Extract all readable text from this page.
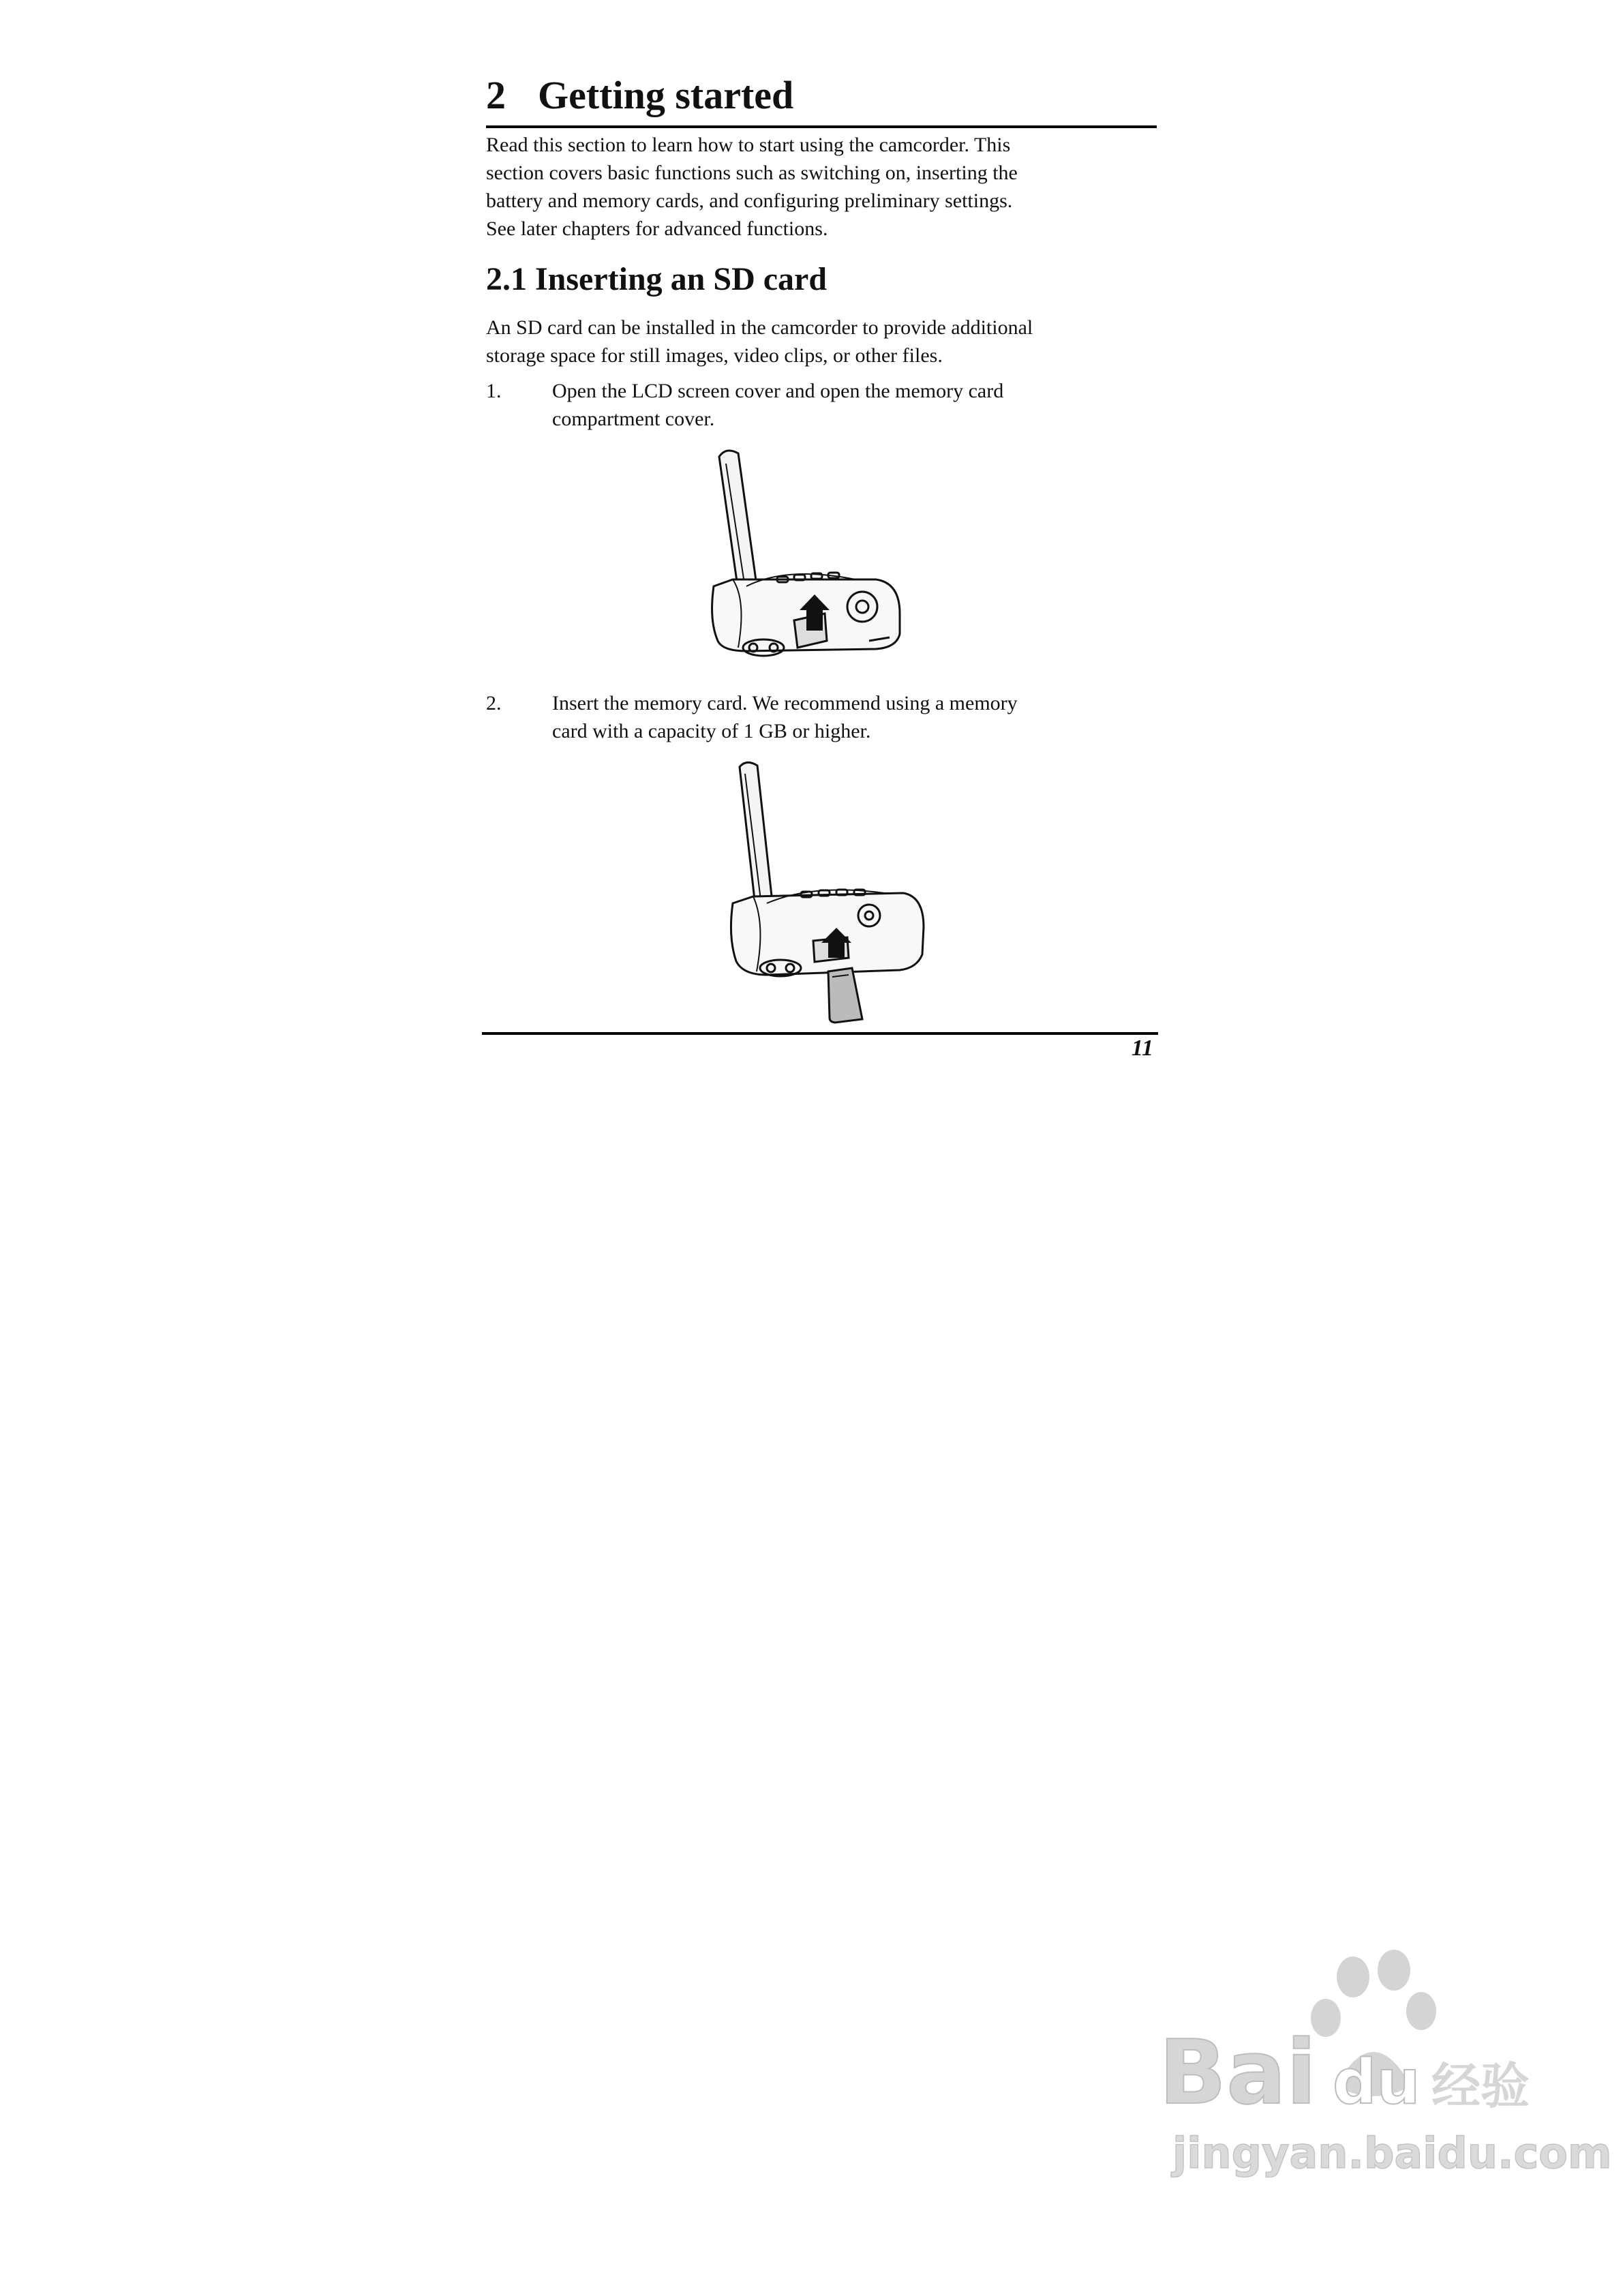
2 Getting started

Read this section to learn how to start using the camcorder. This

section covers basic functions such as switching on, inserting the

battery and memory cards, and configuring preliminary settings.

See later chapters for advanced functions.

2.1 Inserting an SD card

An SD card can be installed in the camcorder to provide additional

storage space for still images, video clips, or other files.

1. Open the LCD screen cover and open the memory card
compartment cover.
2. Insert the memory card. We recommend using a memory
card with a capacity of 1 GB or higher.
11
Bai du 经验
jingyan.baidu.com
